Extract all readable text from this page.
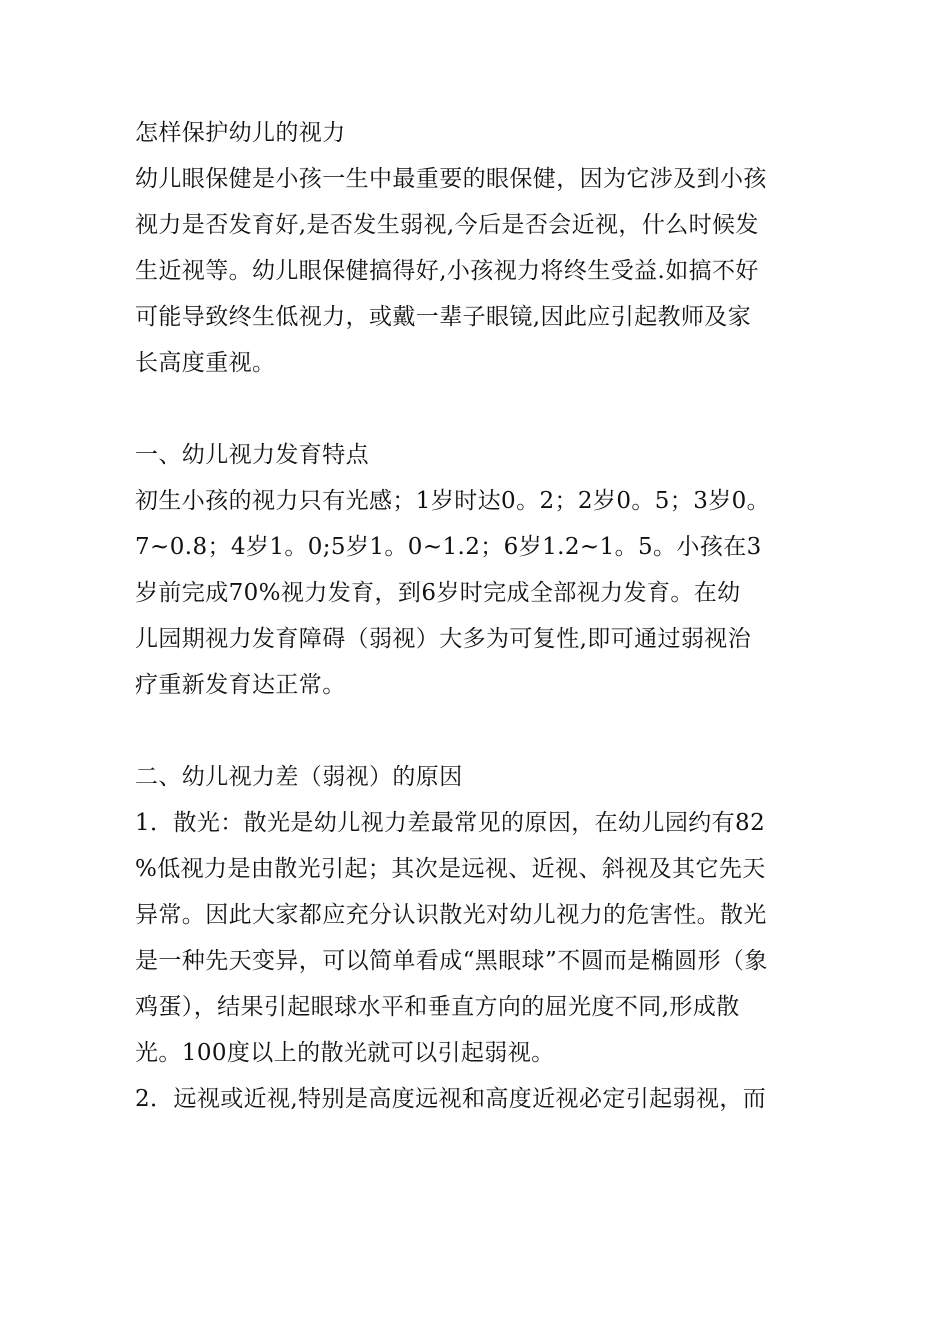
怎样保护幼儿的视力
幼儿眼保健是小孩一生中最重要的眼保健，因为它涉及到小孩
视力是否发育好,是否发生弱视,今后是否会近视，什么时候发
生近视等。幼儿眼保健搞得好,小孩视力将终生受益.如搞不好
可能导致终生低视力，或戴一辈子眼镜,因此应引起教师及家
长高度重视。
一、幼儿视力发育特点
初生小孩的视力只有光感；1岁时达0。2；2岁0。5；3岁0。
7~0.8；4岁1。0;5岁1。0~1.2；6岁1.2~1。5。小孩在3
岁前完成70%视力发育，到6岁时完成全部视力发育。在幼
儿园期视力发育障碍（弱视）大多为可复性,即可通过弱视治
疗重新发育达正常。
二、幼儿视力差（弱视）的原因
1．散光：散光是幼儿视力差最常见的原因，在幼儿园约有82
%低视力是由散光引起；其次是远视、近视、斜视及其它先天
异常。因此大家都应充分认识散光对幼儿视力的危害性。散光
是一种先天变异，可以简单看成“黑眼球”不圆而是椭圆形（象
鸡蛋），结果引起眼球水平和垂直方向的屈光度不同,形成散
光。100度以上的散光就可以引起弱视。
2．远视或近视,特别是高度远视和高度近视必定引起弱视，而
